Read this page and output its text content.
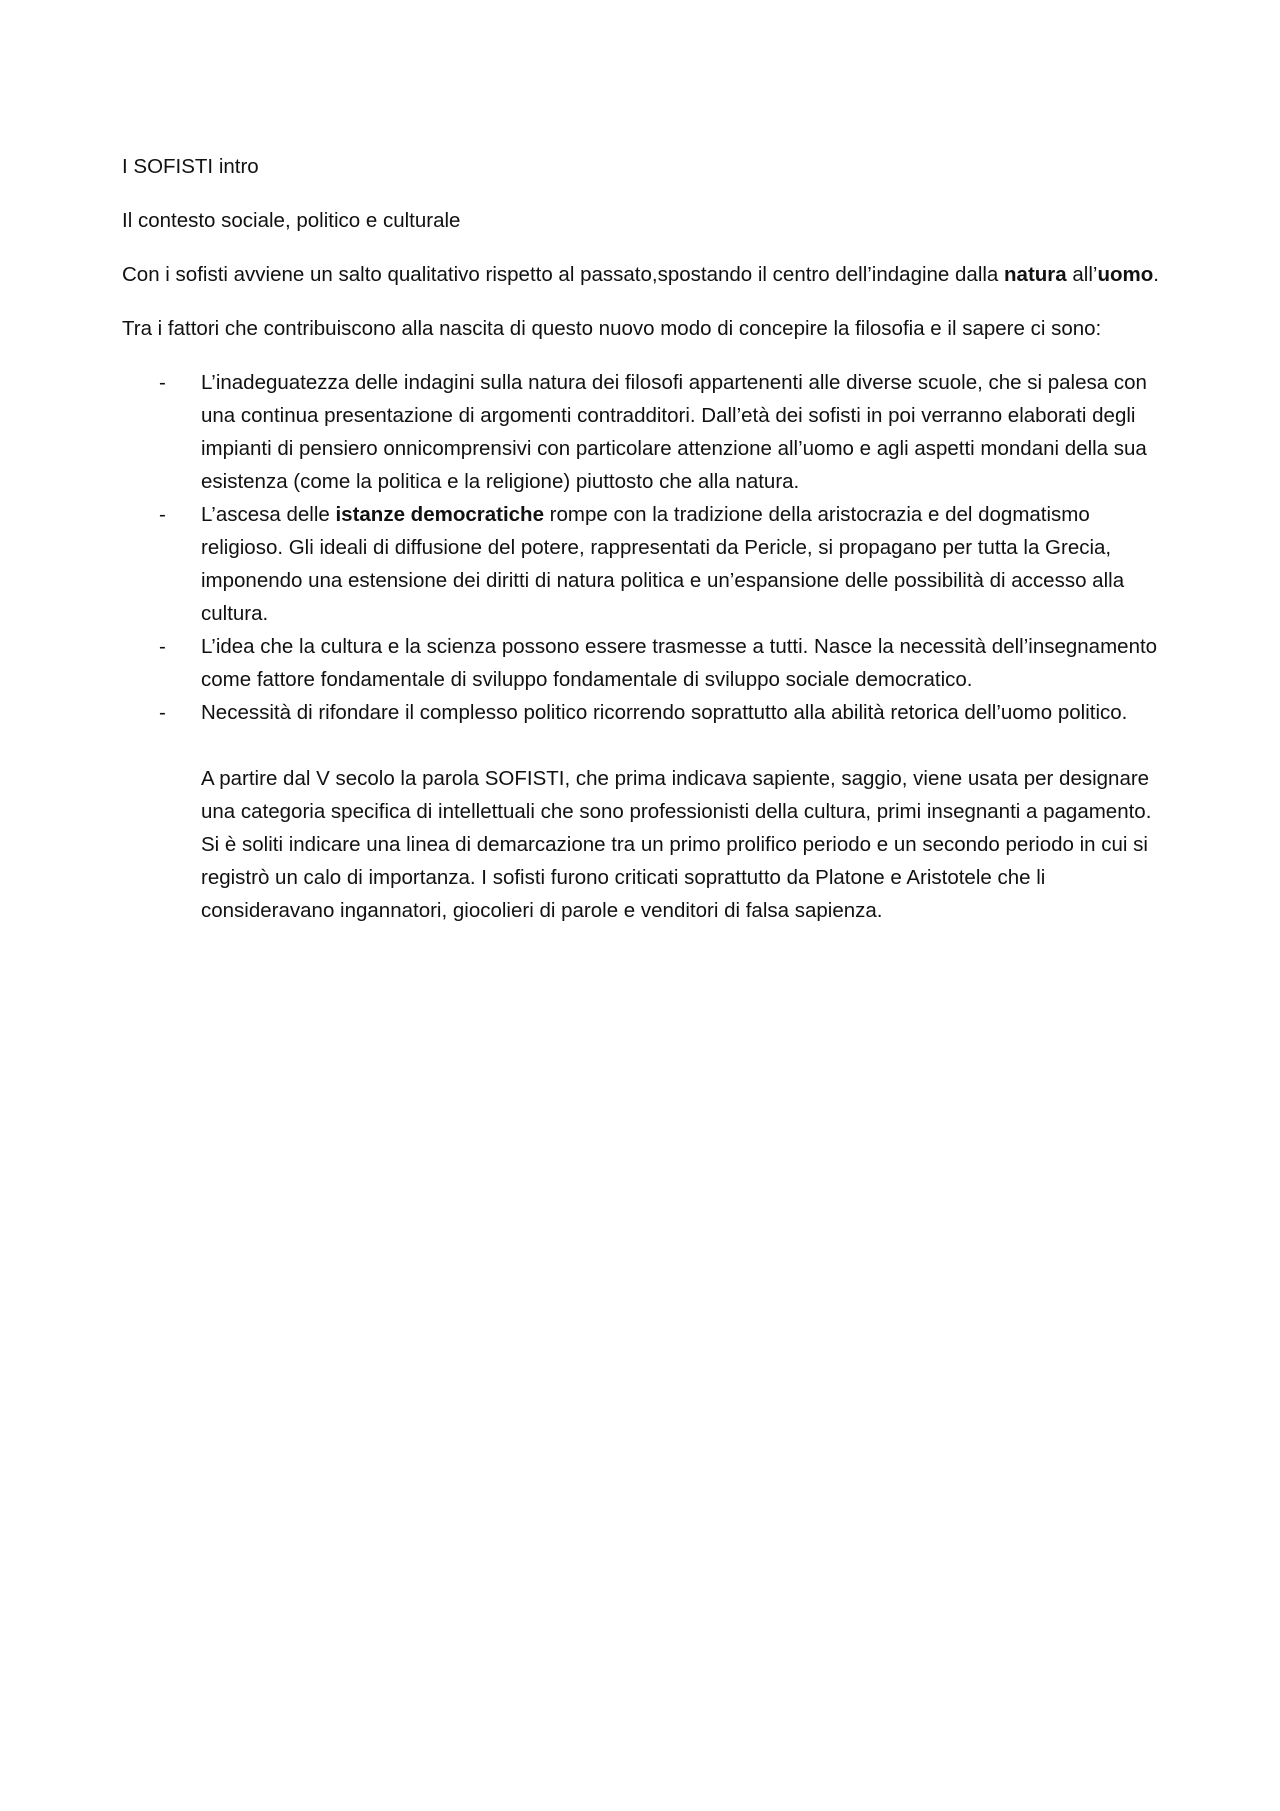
I SOFISTI intro

Il contesto sociale, politico e culturale

Con i sofisti avviene un salto qualitativo rispetto al passato,spostando il centro dell’indagine dalla natura all’uomo.

Tra i fattori che contribuiscono alla nascita di questo nuovo modo di concepire la filosofia e il sapere ci sono:

- L’inadeguatezza delle indagini sulla natura dei filosofi appartenenti alle diverse scuole, che si palesa con una continua presentazione di argomenti contradditori. Dall’età dei sofisti in poi verranno elaborati degli impianti di pensiero onnicomprensivi con particolare attenzione all’uomo e agli aspetti mondani della sua esistenza (come la politica e la religione) piuttosto che alla natura.
- L’ascesa delle istanze democratiche rompe con la tradizione della aristocrazia e del dogmatismo religioso. Gli ideali di diffusione del potere, rappresentati da Pericle, si propagano per tutta la Grecia, imponendo una estensione dei diritti di natura politica e un’espansione delle possibilità di accesso alla cultura.
- L’idea che la cultura e la scienza possono essere trasmesse a tutti. Nasce la necessità dell’insegnamento come fattore fondamentale di sviluppo fondamentale di sviluppo sociale democratico.
- Necessità di rifondare il complesso politico ricorrendo soprattutto alla abilità retorica dell’uomo politico.

A partire dal V secolo la parola SOFISTI, che prima indicava sapiente, saggio, viene usata per designare una categoria specifica di intellettuali che sono professionisti della cultura, primi insegnanti a pagamento. Si è soliti indicare una linea di demarcazione tra un primo prolifico periodo e un secondo periodo in cui si registrò un calo di importanza. I sofisti furono criticati soprattutto da Platone e Aristotele che li consideravano ingannatori, giocolieri di parole e venditori di falsa sapienza.
